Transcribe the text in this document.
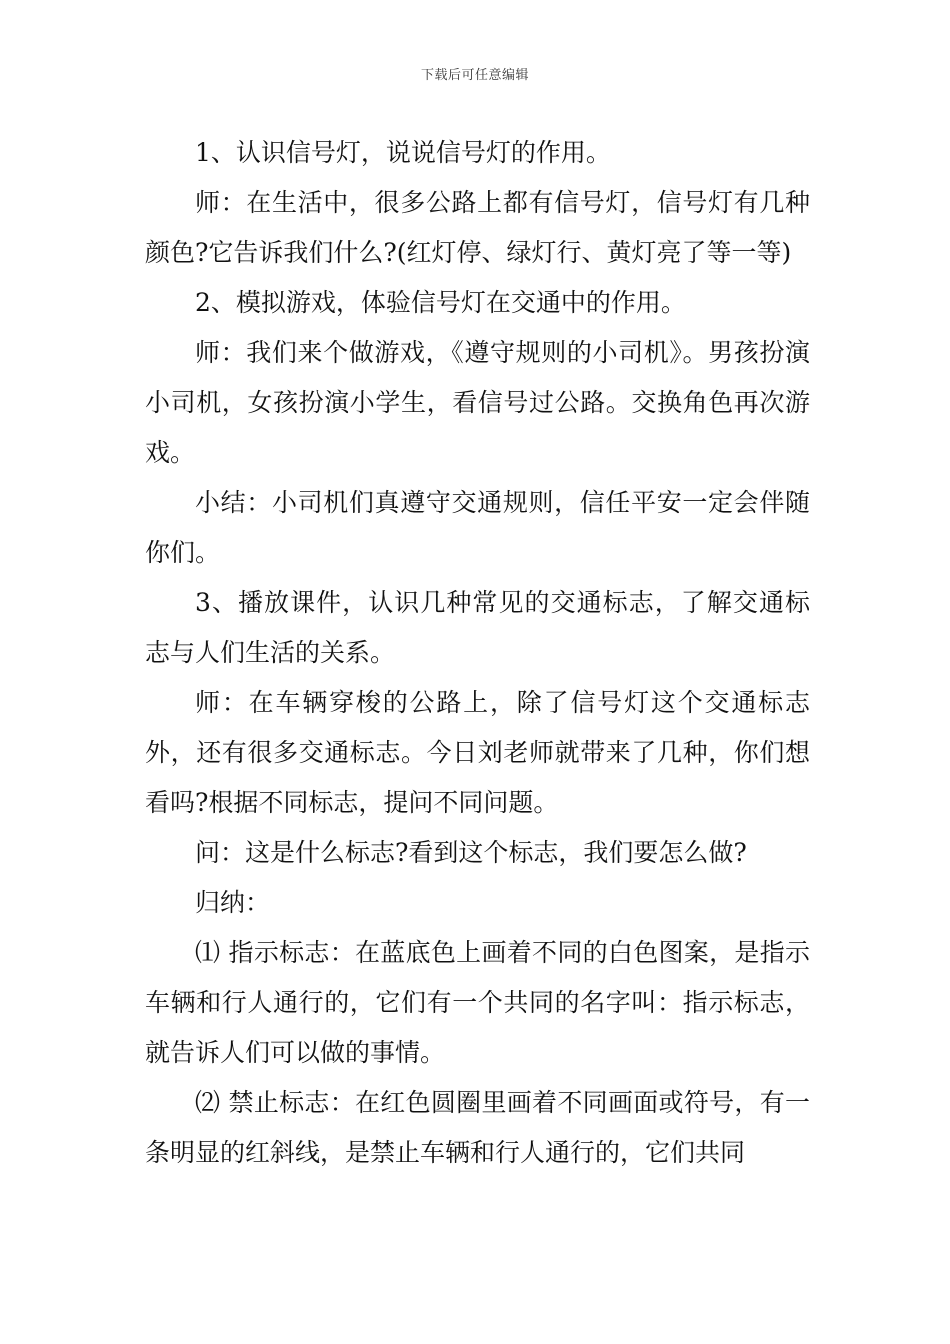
下载后可任意编辑

1、认识信号灯，说说信号灯的作用。

师：在生活中，很多公路上都有信号灯，信号灯有几种颜色?它告诉我们什么?(红灯停、绿灯行、黄灯亮了等一等)

2、模拟游戏，体验信号灯在交通中的作用。

师：我们来个做游戏，《遵守规则的小司机》。男孩扮演小司机，女孩扮演小学生，看信号过公路。交换角色再次游戏。

小结：小司机们真遵守交通规则，信任平安一定会伴随你们。

3、播放课件，认识几种常见的交通标志，了解交通标志与人们生活的关系。

师：在车辆穿梭的公路上，除了信号灯这个交通标志外，还有很多交通标志。今日刘老师就带来了几种，你们想看吗?根据不同标志，提问不同问题。

问：这是什么标志?看到这个标志，我们要怎么做?

归纳：

⑴ 指示标志：在蓝底色上画着不同的白色图案，是指示车辆和行人通行的，它们有一个共同的名字叫：指示标志，就告诉人们可以做的事情。

⑵ 禁止标志：在红色圆圈里画着不同画面或符号，有一条明显的红斜线，是禁止车辆和行人通行的，它们共同
